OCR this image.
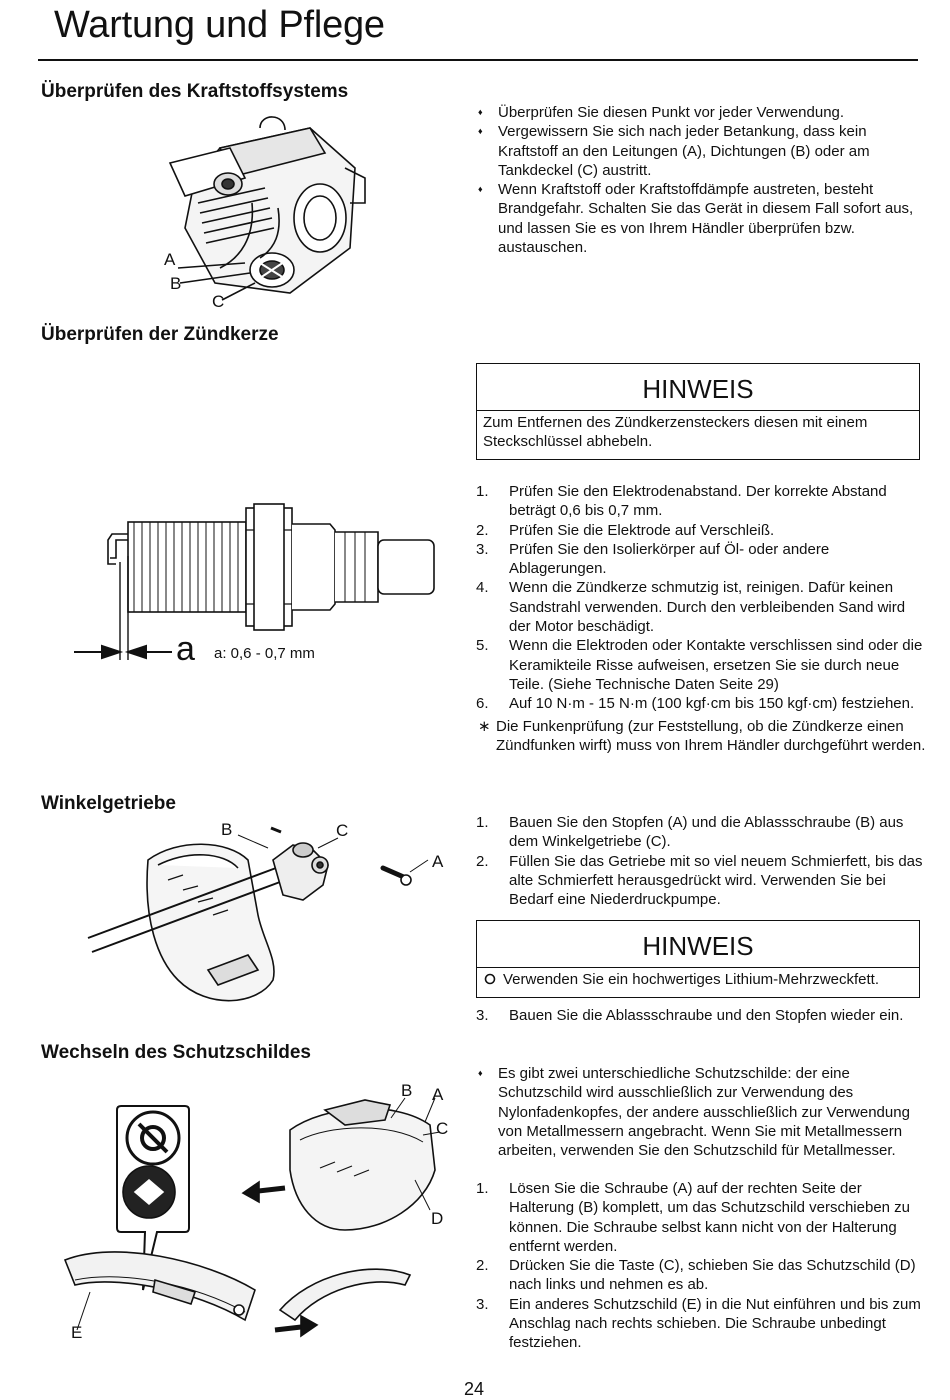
Wartung und Pflege
Überprüfen des Kraftstoffsystems
A
B
C
♦ Überprüfen Sie diesen Punkt vor jeder Verwendung.
♦ Vergewissern Sie sich nach jeder Betankung, dass kein Kraftstoff an den Leitungen (A), Dichtungen (B) oder am Tankdeckel (C) austritt.
♦ Wenn Kraftstoff oder Kraftstoffdämpfe austreten, besteht Brandgefahr. Schalten Sie das Gerät in diesem Fall sofort aus, und lassen Sie es von Ihrem Händler überprüfen bzw. austauschen.
Überprüfen der Zündkerze
HINWEIS
Zum Entfernen des Zündkerzensteckers diesen mit einem Steckschlüssel abhebeln.
a a: 0,6 - 0,7 mm
1. Prüfen Sie den Elektrodenabstand. Der korrekte Abstand beträgt 0,6 bis 0,7 mm.
2. Prüfen Sie die Elektrode auf Verschleiß.
3. Prüfen Sie den Isolierkörper auf Öl- oder andere Ablagerungen.
4. Wenn die Zündkerze schmutzig ist, reinigen. Dafür keinen Sandstrahl verwenden. Durch den verbleibenden Sand wird der Motor beschädigt.
5. Wenn die Elektroden oder Kontakte verschlissen sind oder die Keramikteile Risse aufweisen, ersetzen Sie sie durch neue Teile. (Siehe Technische Daten Seite 29)
6. Auf 10 N·m - 15 N·m (100 kgf·cm bis 150 kgf·cm) festziehen.
∗ Die Funkenprüfung (zur Feststellung, ob die Zündkerze einen Zündfunken wirft) muss von Ihrem Händler durchgeführt werden.
Winkelgetriebe
B	C
A
1. Bauen Sie den Stopfen (A) und die Ablassschraube (B) aus dem Winkelgetriebe (C).
2. Füllen Sie das Getriebe mit so viel neuem Schmierfett, bis das alte Schmierfett herausgedrückt wird. Verwenden Sie bei Bedarf eine Niederdruckpumpe.
HINWEIS
Verwenden Sie ein hochwertiges Lithium-Mehrzweckfett.
3. Bauen Sie die Ablassschraube und den Stopfen wieder ein.
Wechseln des Schutzschildes
B A
C
D
E
♦ Es gibt zwei unterschiedliche Schutzschilde: der eine Schutzschild wird ausschließlich zur Verwendung des Nylonfadenkopfes, der andere ausschließlich zur Verwendung von Metallmessern angebracht. Wenn Sie mit Metallmessern arbeiten, verwenden Sie den Schutzschild für Metallmesser.
1. Lösen Sie die Schraube (A) auf der rechten Seite der Halterung (B) komplett, um das Schutzschild verschieben zu können. Die Schraube selbst kann nicht von der Halterung entfernt werden.
2. Drücken Sie die Taste (C), schieben Sie das Schutzschild (D) nach links und nehmen es ab.
3. Ein anderes Schutzschild (E) in die Nut einführen und bis zum Anschlag nach rechts schieben. Die Schraube unbedingt festziehen.
24
